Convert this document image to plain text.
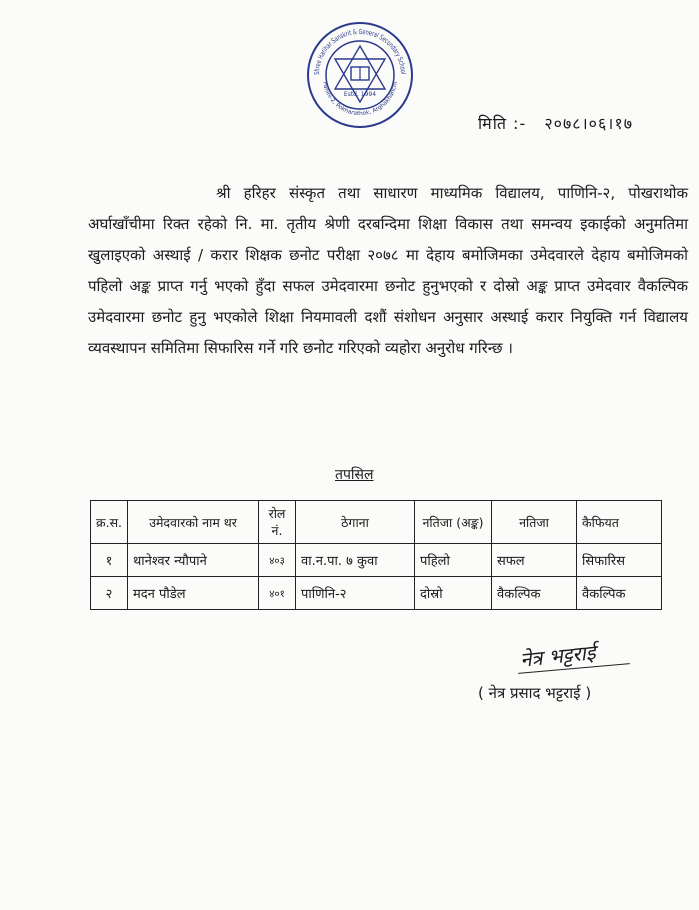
Shree Harihar Sanskrit & General Secondary School
Panini-2, Pokharathok, Arghakhanchi
Estd. 1994
मिति :- २०७८।०६।१७
श्री हरिहर संस्कृत तथा साधारण माध्यमिक विद्यालय, पाणिनि-२, पोखराथोक अर्घाखाँचीमा रिक्त रहेको नि. मा. तृतीय श्रेणी दरबन्दिमा शिक्षा विकास तथा समन्वय इकाईको अनुमतिमा खुलाइएको अस्थाई / करार शिक्षक छनोट परीक्षा २०७८ मा देहाय बमोजिमका उमेदवारले देहाय बमोजिमको पहिलो अङ्क प्राप्त गर्नु भएको हुँदा सफल उमेदवारमा छनोट हुनुभएको र दोस्रो अङ्क प्राप्त उमेदवार वैकल्पिक उमेदवारमा छनोट हुनु भएकोले शिक्षा नियमावली दशौं संशोधन अनुसार अस्थाई करार नियुक्ति गर्न विद्यालय व्यवस्थापन समितिमा सिफारिस गर्ने गरि छनोट गरिएको व्यहोरा अनुरोध गरिन्छ ।
तपसिल
क्र.स.	उमेदवारको नाम थर	रोल नं.	ठेगाना	नतिजा (अङ्क)	नतिजा	कैफियत
१	थानेश्वर न्यौपाने	४०३	वा.न.पा. ७ कुवा	पहिलो	सफल	सिफारिस
२	मदन पौडेल	४०१	पाणिनि-२	दोस्रो	वैकल्पिक	वैकल्पिक
नेत्र भट्टराई
( नेत्र प्रसाद भट्टराई )
